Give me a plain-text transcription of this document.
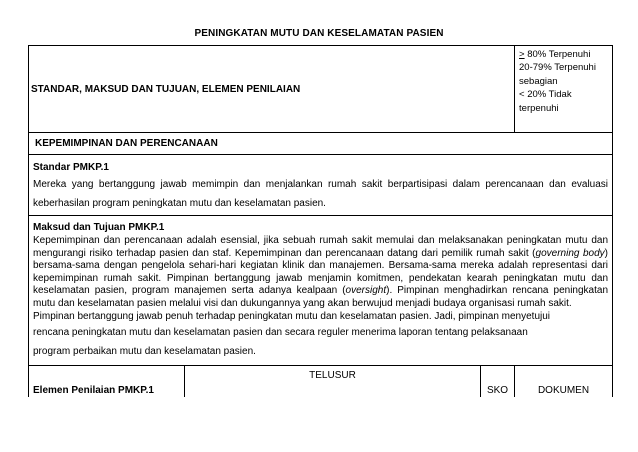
PENINGKATAN MUTU DAN KESELAMATAN PASIEN
STANDAR, MAKSUD DAN TUJUAN, ELEMEN PENILAIAN			> 80% Terpenuhi
20-79% Terpenuhi
sebagian
< 20% Tidak
terpenuhi

KEPEMIMPINAN DAN PERENCANAAN			

Standar PMKP.1
Mereka yang bertanggung jawab memimpin dan menjalankan rumah sakit berpartisipasi dalam perencanaan dan evaluasi keberhasilan program peningkatan mutu dan keselamatan pasien.			

Maksud dan Tujuan PMKP.1

Kepemimpinan dan perencanaan adalah esensial, jika sebuah rumah sakit memulai dan melaksanakan peningkatan mutu dan mengurangi risiko terhadap pasien dan staf. Kepemimpinan dan perencanaan datang dari pemilik rumah sakit (governing body) bersama-sama dengan pengelola sehari-hari kegiatan klinik dan manajemen. Bersama-sama mereka adalah representasi dari kepemimpinan rumah sakit. Pimpinan bertanggung jawab menjamin komitmen, pendekatan kearah peningkatan mutu dan keselamatan pasien, program manajemen serta adanya kealpaan (oversight). Pimpinan menghadirkan rencana peningkatan mutu dan keselamatan pasien melalui visi dan dukungannya yang akan berwujud menjadi budaya organisasi rumah sakit.

Pimpinan bertanggung jawab penuh terhadap peningkatan mutu dan keselamatan pasien. Jadi, pimpinan menyetujui

rencana peningkatan mutu dan keselamatan pasien dan secara reguler menerima laporan tentang pelaksanaan

program perbaikan mutu dan keselamatan pasien.			

Elemen Penilaian PMKP.1	TELUSUR	SKO	DOKUMEN
